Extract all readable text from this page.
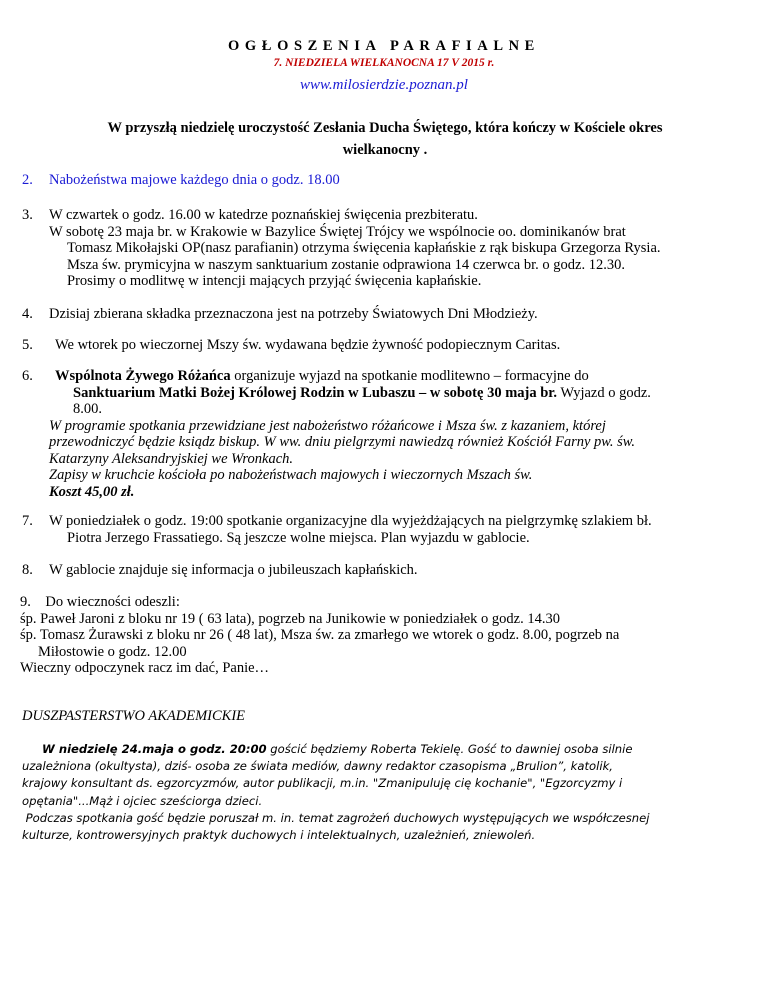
OGŁOSZENIA PARAFIALNE
7. NIEDZIELA WIELKANOCNA 17 V 2015 r.
www.milosierdzie.poznan.pl
W przyszłą niedzielę uroczystość Zesłania Ducha Świętego, która kończy w Kościele okres
wielkanocny .
2. Nabożeństwa majowe każdego dnia o godz. 18.00
3. W czwartek o godz. 16.00 w katedrze poznańskiej święcenia prezbiteratu.
W sobotę 23 maja br. w Krakowie w Bazylice Świętej Trójcy we wspólnocie oo. dominikanów brat
Tomasz Mikołajski OP(nasz parafianin) otrzyma święcenia kapłańskie z rąk biskupa Grzegorza Rysia.
Msza św. prymicyjna w naszym sanktuarium zostanie odprawiona 14 czerwca br. o godz. 12.30.
Prosimy o modlitwę w intencji mających przyjąć święcenia kapłańskie.
4. Dzisiaj zbierana składka przeznaczona jest na potrzeby Światowych Dni Młodzieży.
5. We wtorek po wieczornej Mszy św. wydawana będzie żywność podopiecznym Caritas.
6. Wspólnota Żywego Różańca organizuje wyjazd na spotkanie modlitewno – formacyjne do
Sanktuarium Matki Bożej Królowej Rodzin w Lubaszu – w sobotę 30 maja br. Wyjazd o godz.
8.00.
W programie spotkania przewidziane jest nabożeństwo różańcowe i Msza św. z kazaniem, której
przewodniczyć będzie ksiądz biskup. W ww. dniu pielgrzymi nawiedzą również Kościół Farny pw. św.
Katarzyny Aleksandryjskiej we Wronkach.
Zapisy w kruchcie kościoła po nabożeństwach majowych i wieczornych Mszach św.
Koszt 45,00 zł.
7. W poniedziałek o godz. 19:00 spotkanie organizacyjne dla wyjeżdżających na pielgrzymkę szlakiem bł.
Piotra Jerzego Frassatiego. Są jeszcze wolne miejsca. Plan wyjazdu w gablocie.
8. W gablocie znajduje się informacja o jubileuszach kapłańskich.
9. Do wieczności odeszli:
śp. Paweł Jaroni z bloku nr 19 ( 63 lata), pogrzeb na Junikowie w poniedziałek o godz. 14.30
śp. Tomasz Żurawski z bloku nr 26 ( 48 lat), Msza św. za zmarłego we wtorek o godz. 8.00, pogrzeb na
Miłostowie o godz. 12.00
Wieczny odpoczynek racz im dać, Panie…
DUSZPASTERSTWO AKADEMICKIE
W niedzielę 24.maja o godz. 20:00 gościć będziemy Roberta Tekielę. Gość to dawniej osoba silnie
uzależniona (okultysta), dziś- osoba ze świata mediów, dawny redaktor czasopisma „Brulion”, katolik,
krajowy konsultant ds. egzorcyzmów, autor publikacji, m.in. "Zmanipuluję cię kochanie", "Egzorcyzmy i
opętania"...Mąż i ojciec sześciorga dzieci.
Podczas spotkania gość będzie poruszał m. in. temat zagrożeń duchowych występujących we współczesnej
kulturze, kontrowersyjnych praktyk duchowych i intelektualnych, uzależnień, zniewoleń.
